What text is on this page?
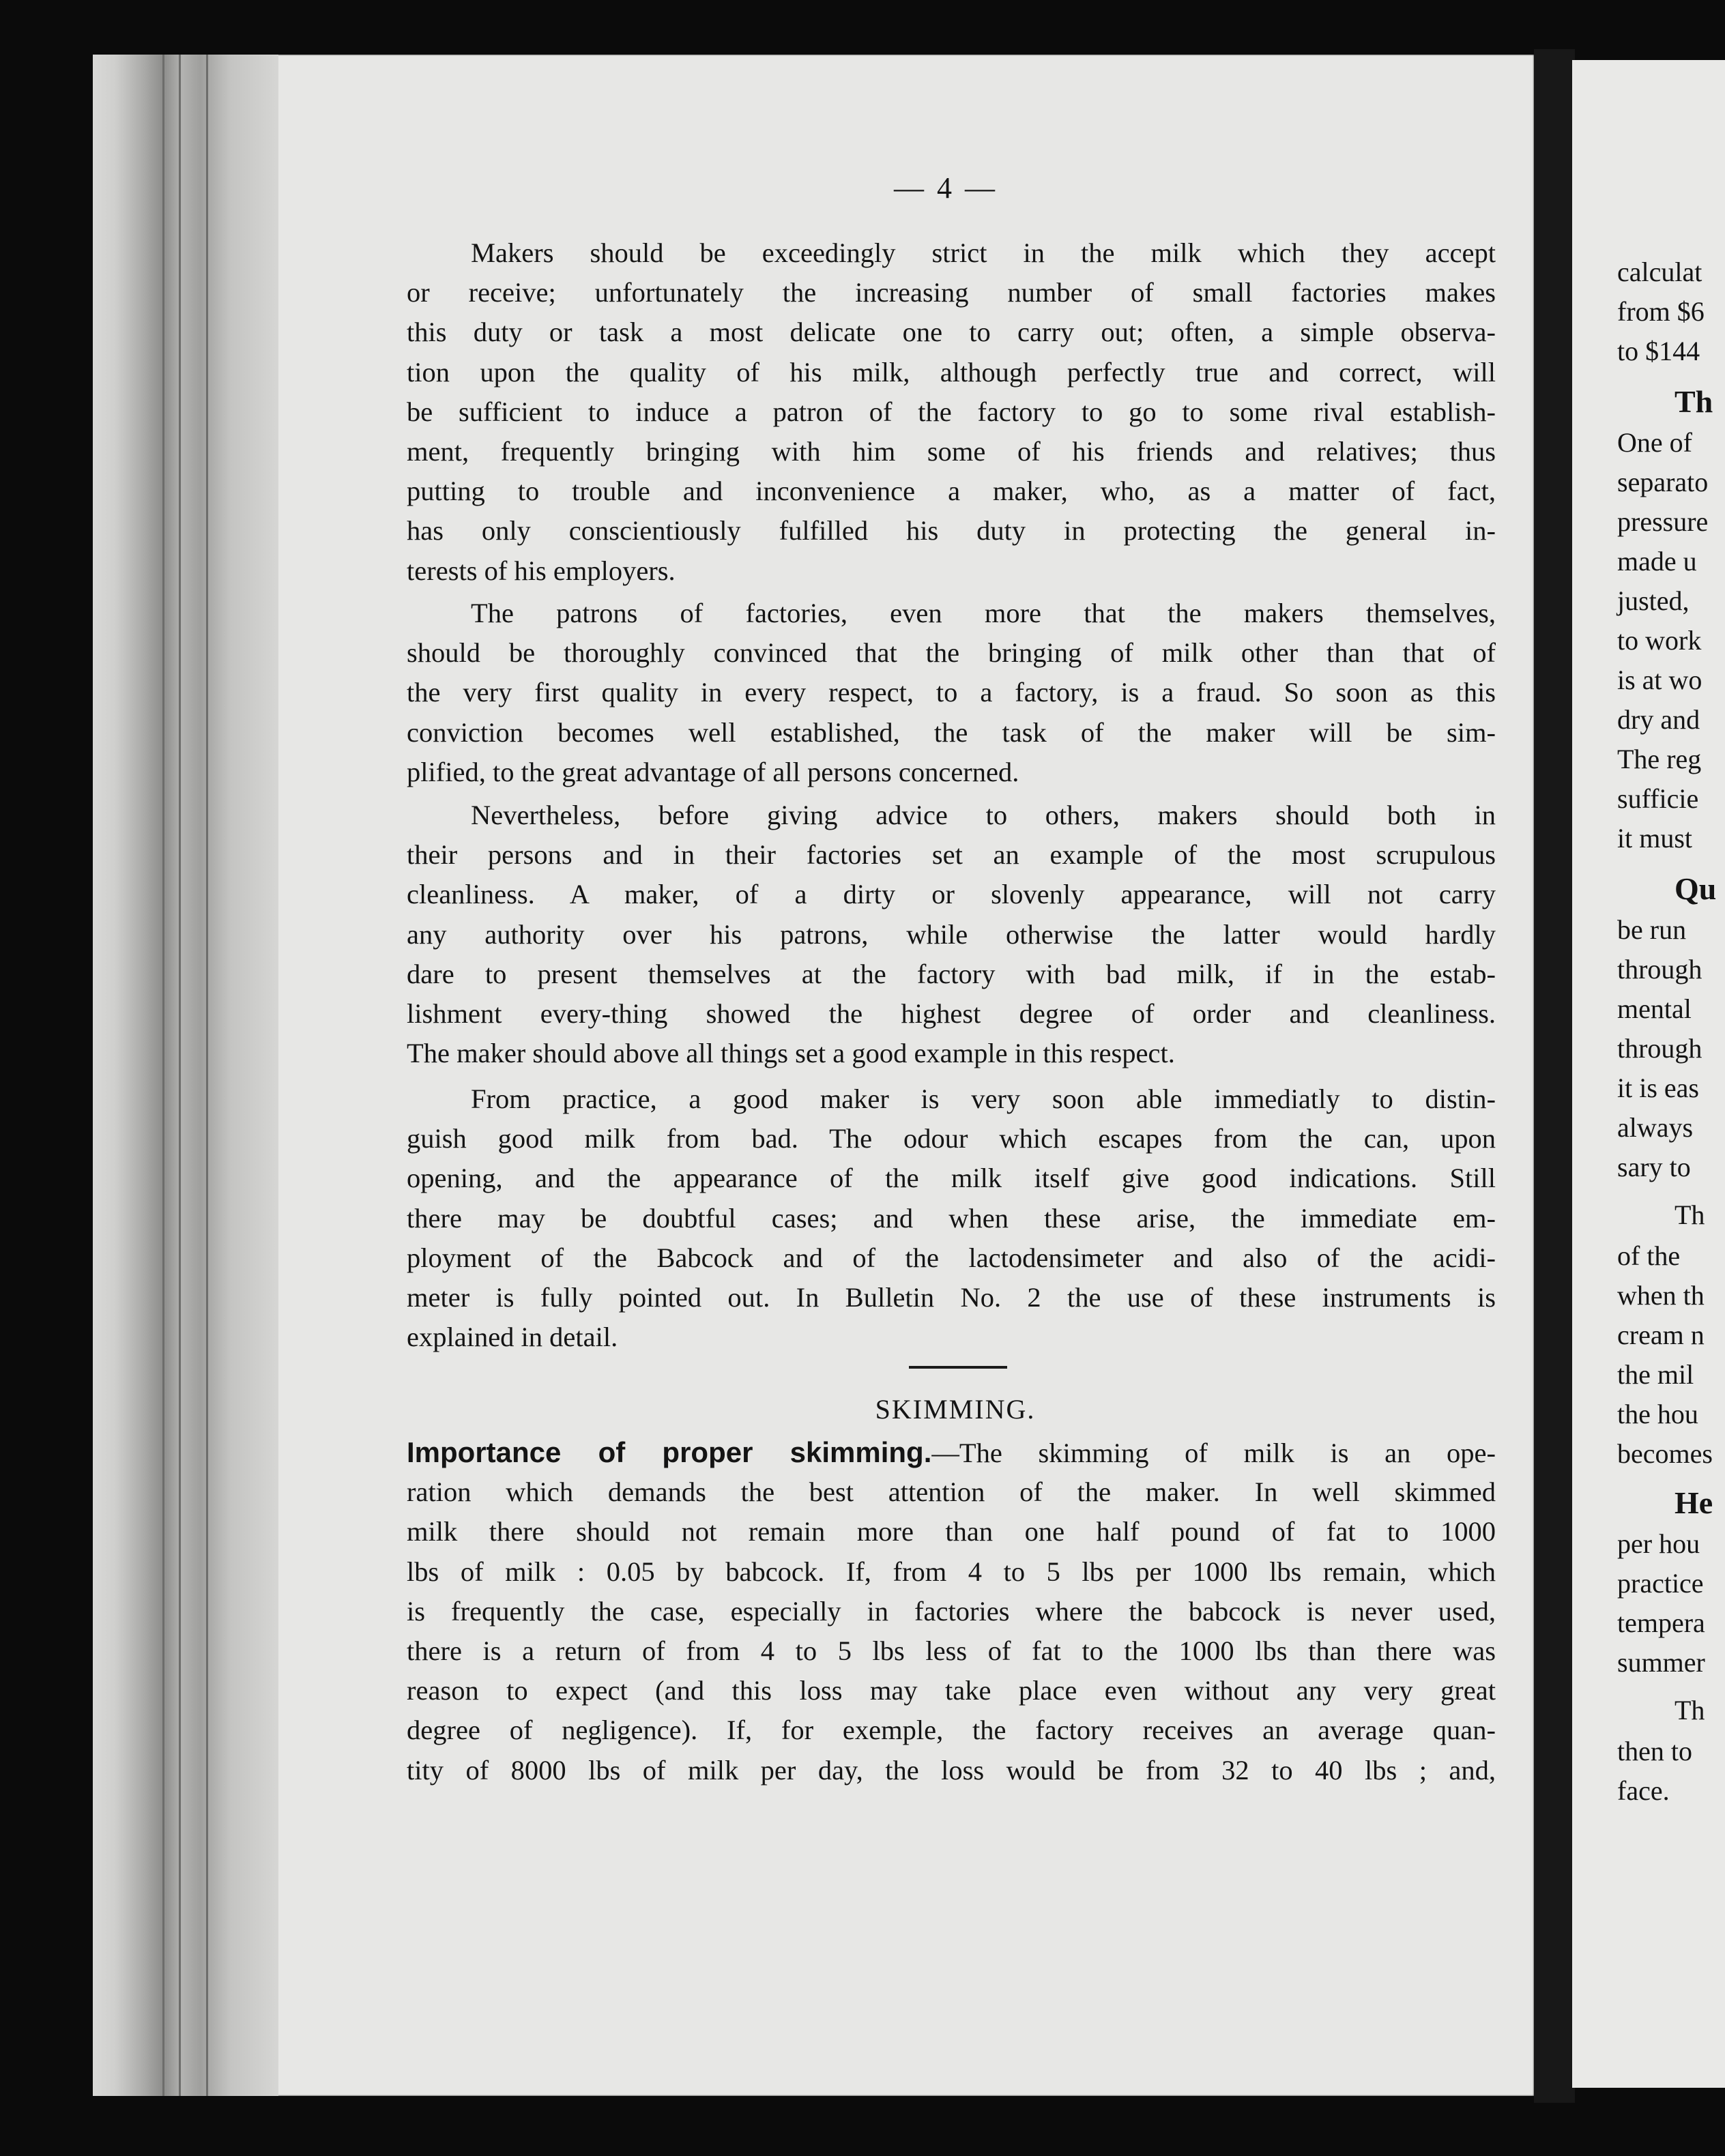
calculat
from $6
to $144
Th
One of
separato
pressure
made u
justed,
to work
is at wo
dry and
The reg
sufficie
it must
Qu
be run
through
mental
through
it is eas
always
sary to
Th
of the
when th
cream n
the mil
the hou
becomes
He
per hou
practice
tempera
summer
Th
then to
face.
— 4 —
Makers should be exceedingly strict in the milk which they accept
or receive; unfortunately the increasing number of small factories makes
this duty or task a most delicate one to carry out; often, a simple observa-
tion upon the quality of his milk, although perfectly true and correct, will
be sufficient to induce a patron of the factory to go to some rival establish-
ment, frequently bringing with him some of his friends and relatives; thus
putting to trouble and inconvenience a maker, who, as a matter of fact,
has only conscientiously fulfilled his duty in protecting the general in-
terests of his employers.
The patrons of factories, even more that the makers themselves,
should be thoroughly convinced that the bringing of milk other than that of
the very first quality in every respect, to a factory, is a fraud. So soon as this
conviction becomes well established, the task of the maker will be sim-
plified, to the great advantage of all persons concerned.
Nevertheless, before giving advice to others, makers should both in
their persons and in their factories set an example of the most scrupulous
cleanliness. A maker, of a dirty or slovenly appearance, will not carry
any authority over his patrons, while otherwise the latter would hardly
dare to present themselves at the factory with bad milk, if in the estab-
lishment every-thing showed the highest degree of order and cleanliness.
The maker should above all things set a good example in this respect.
From practice, a good maker is very soon able immediatly to distin-
guish good milk from bad. The odour which escapes from the can, upon
opening, and the appearance of the milk itself give good indications. Still
there may be doubtful cases; and when these arise, the immediate em-
ployment of the Babcock and of the lactodensimeter and also of the acidi-
meter is fully pointed out. In Bulletin No. 2 the use of these instruments is
explained in detail.
SKIMMING.
Importance of proper skimming.—The skimming of milk is an ope-
ration which demands the best attention of the maker. In well skimmed
milk there should not remain more than one half pound of fat to 1000
lbs of milk : 0.05 by babcock. If, from 4 to 5 lbs per 1000 lbs remain, which
is frequently the case, especially in factories where the babcock is never used,
there is a return of from 4 to 5 lbs less of fat to the 1000 lbs than there was
reason to expect (and this loss may take place even without any very great
degree of negligence). If, for exemple, the factory receives an average quan-
tity of 8000 lbs of milk per day, the loss would be from 32 to 40 lbs ; and,
